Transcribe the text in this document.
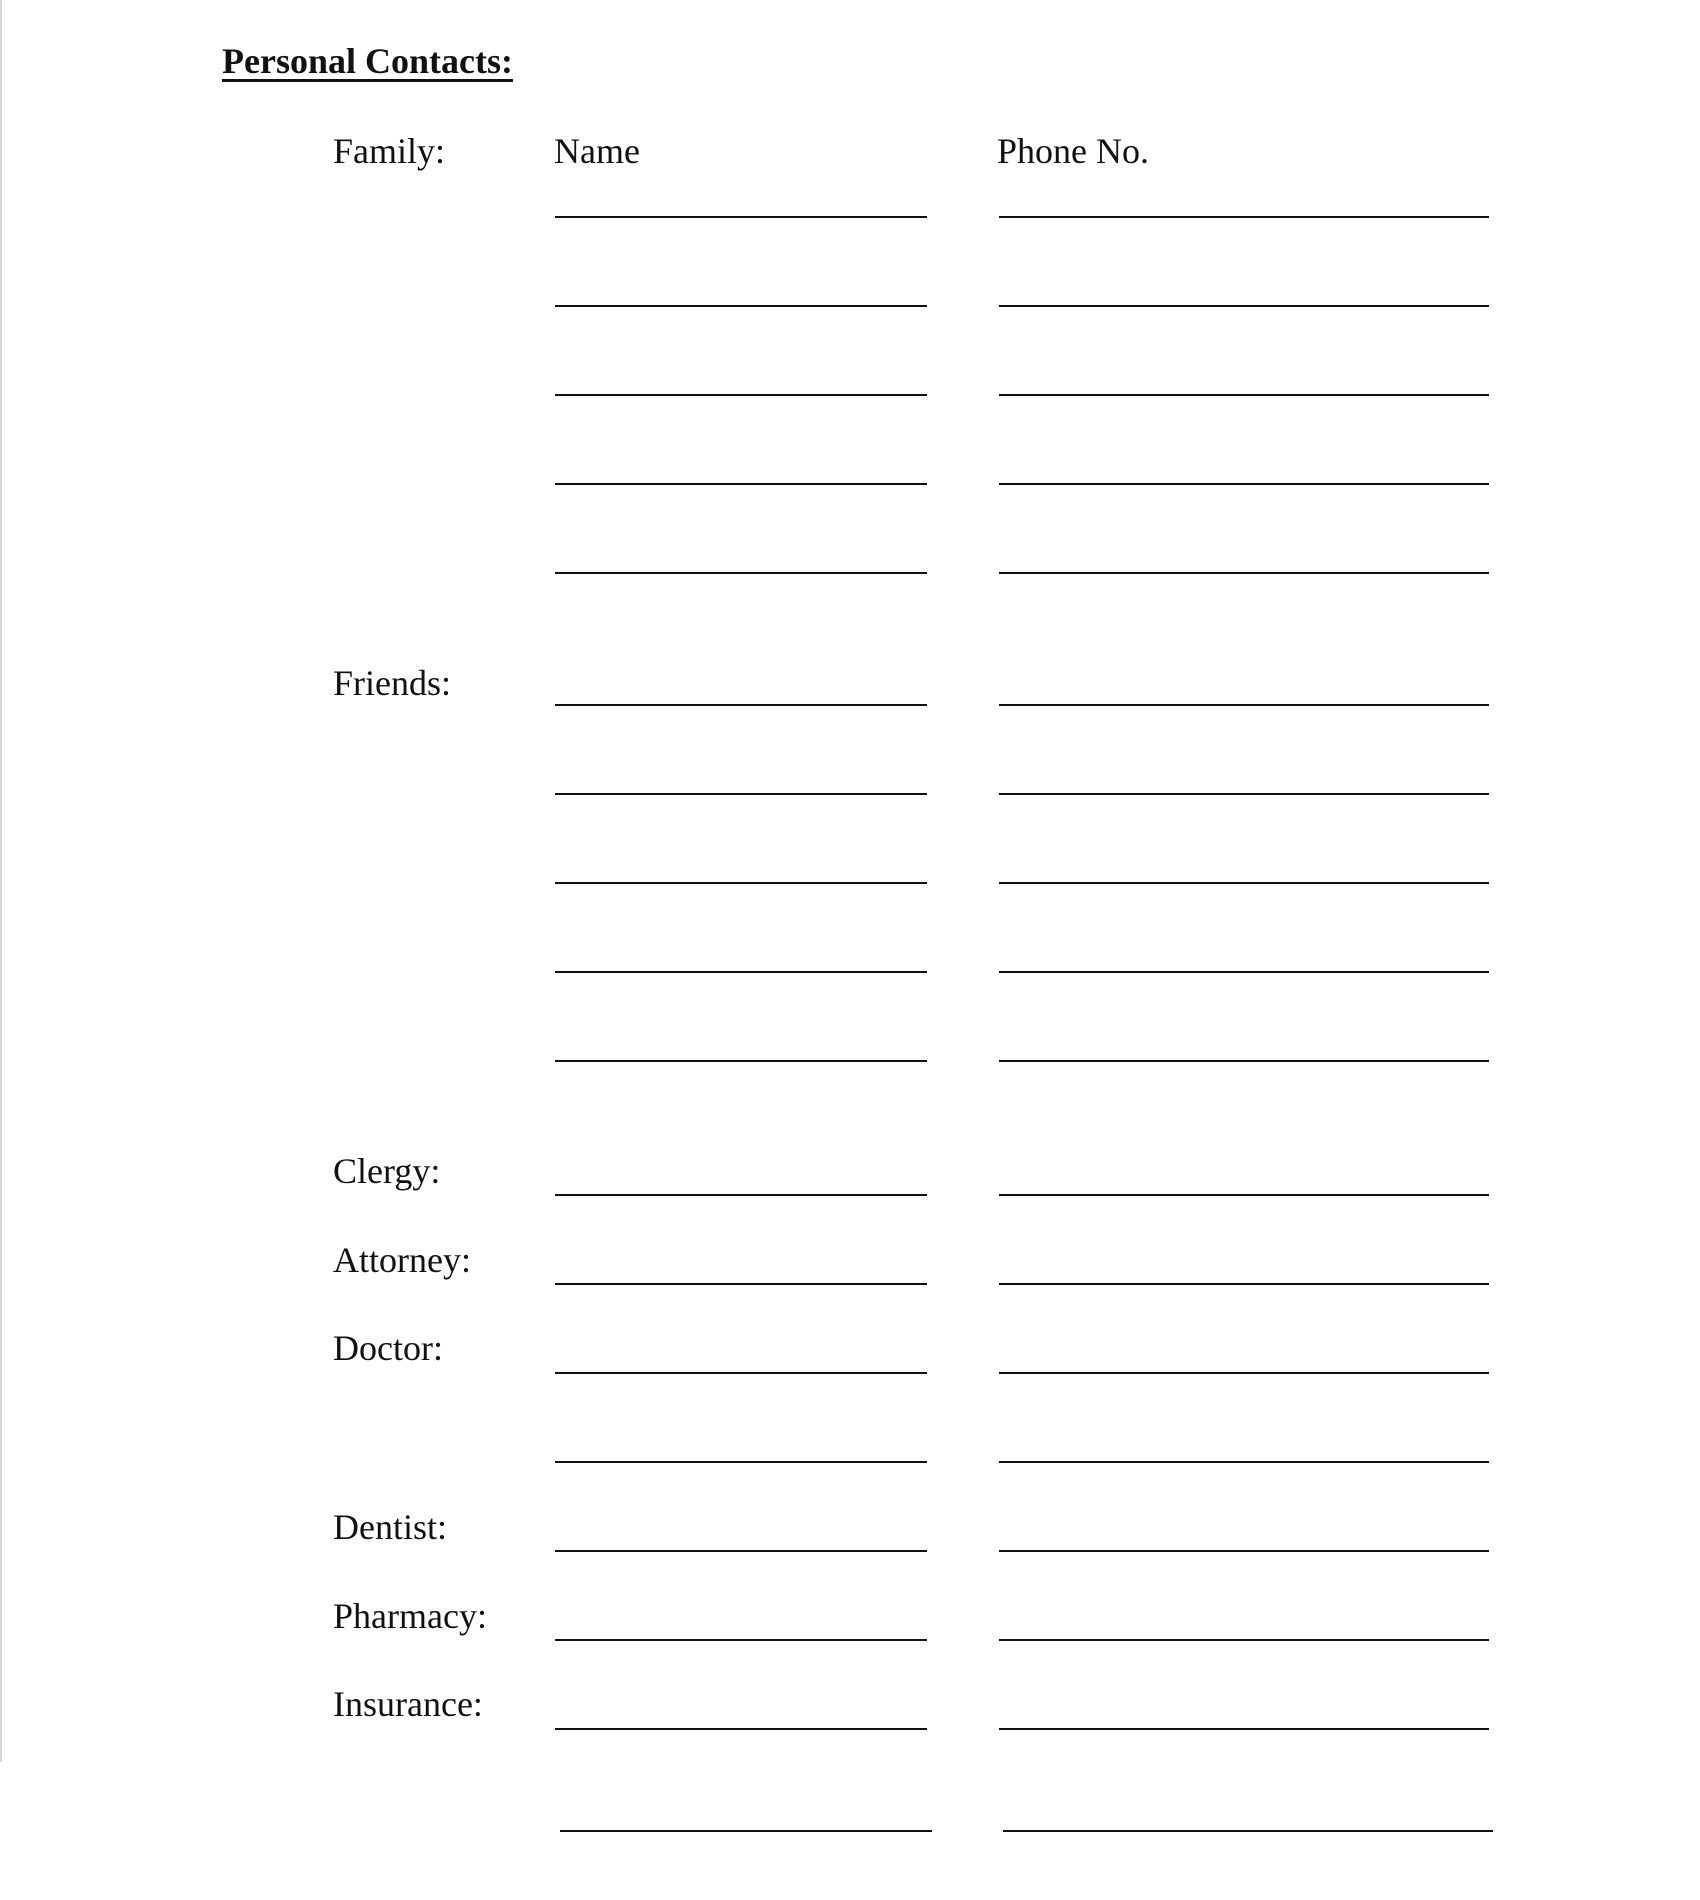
Personal Contacts:
Name	Phone No.
Family:
Friends:
Clergy:
Attorney:
Doctor:
Dentist:
Pharmacy:
Insurance:
